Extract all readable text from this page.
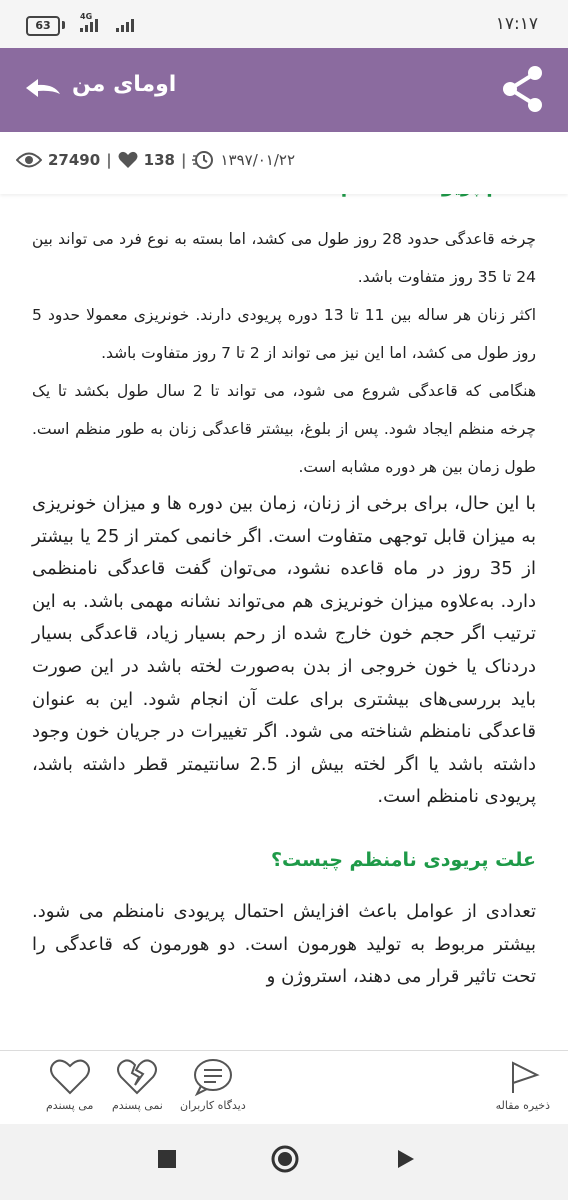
63
4G	۱۷:۱۷
اومای من

چرخه قاعدگی حدود 28 روز طول می کشد، اما بسته به نوع فرد می تواند بین 24 تا 35 روز متفاوت باشد.

اکثر زنان هر ساله بین 11 تا 13 دوره پریودی دارند. خونریزی معمولا حدود 5 روز طول می کشد، اما این نیز می تواند از 2 تا 7 روز متفاوت باشد.

هنگامی که قاعدگی شروع می شود، می تواند تا 2 سال طول بکشد تا یک چرخه منظم ایجاد شود. پس از بلوغ، بیشتر قاعدگی زنان به طور منظم است. طول زمان بین هر دوره مشابه است.

با این حال، برای برخی از زنان، زمان بین دوره ها و میزان خونریزی به میزان قابل توجهی متفاوت است. اگر خانمی کمتر از 25 یا بیشتر از 35 روز در ماه قاعده نشود، می‌توان گفت قاعدگی نامنظمی دارد. به‌علاوه میزان خونریزی هم می‌تواند نشانه مهمی باشد. به این ترتیب اگر حجم خون خارج شده از رحم بسیار زیاد، قاعدگی بسیار دردناک یا خون خروجی از بدن به‌صورت لخته باشد در این صورت باید بررسی‌های بیشتری برای علت آن انجام شود. این به عنوان قاعدگی نامنظم شناخته می شود. اگر تغییرات در جریان خون وجود داشته باشد یا اگر لخته بیش از 2.5 سانتیمتر قطر داشته باشد، پریودی نامنظم است.

علت پریودی نامنظم چیست؟

تعدادی از عوامل باعث افزایش احتمال پریودی نامنظم می شود. بیشتر مربوط به تولید هورمون است. دو هورمون که قاعدگی را تحت تاثیر قرار می دهند، استروژن و

27490 | 138 | ۱۳۹۷/۰۱/۲۲
ذخیره مقاله
دیدگاه کاربران
نمی پسندم
می پسندم
